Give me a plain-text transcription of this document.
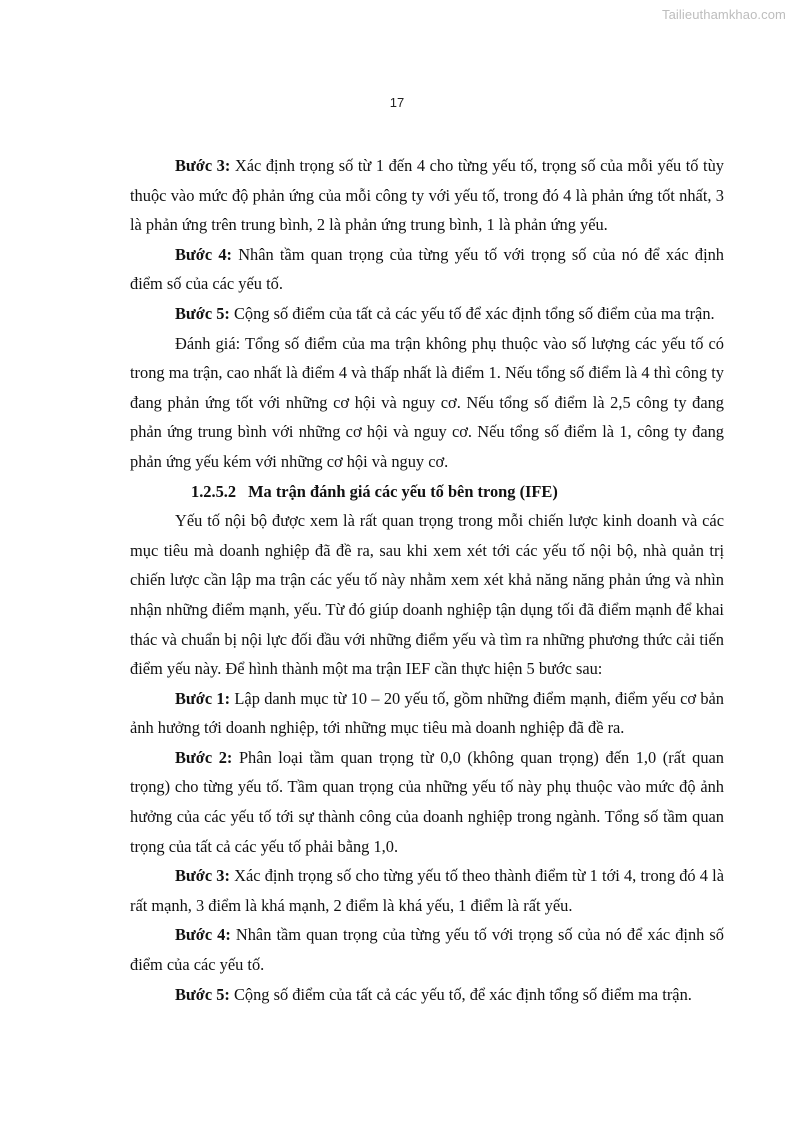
Tailieuthamkhao.com
17

Bước 3: Xác định trọng số từ 1 đến 4 cho từng yếu tố, trọng số của mỗi yếu tố tùy thuộc vào mức độ phản ứng của mỗi công ty với yếu tố, trong đó 4 là phản ứng tốt nhất, 3 là phản ứng trên trung bình, 2 là phản ứng trung bình, 1 là phản ứng yếu.

Bước 4: Nhân tầm quan trọng của từng yếu tố với trọng số của nó để xác định điểm số của các yếu tố.

Bước 5: Cộng số điểm của tất cả các yếu tố để xác định tổng số điểm của ma trận.

Đánh giá: Tổng số điểm của ma trận không phụ thuộc vào số lượng các yếu tố có trong ma trận, cao nhất là điểm 4 và thấp nhất là điểm 1. Nếu tổng số điểm là 4 thì công ty đang phản ứng tốt với những cơ hội và nguy cơ. Nếu tổng số điểm là 2,5 công ty đang phản ứng trung bình với những cơ hội và nguy cơ. Nếu tổng số điểm là 1, công ty đang phản ứng yếu kém với những cơ hội và nguy cơ.

1.2.5.2 Ma trận đánh giá các yếu tố bên trong (IFE)

Yếu tố nội bộ được xem là rất quan trọng trong mỗi chiến lược kinh doanh và các mục tiêu mà doanh nghiệp đã đề ra, sau khi xem xét tới các yếu tố nội bộ, nhà quản trị chiến lược cần lập ma trận các yếu tố này nhằm xem xét khả năng năng phản ứng và nhìn nhận những điểm mạnh, yếu. Từ đó giúp doanh nghiệp tận dụng tối đã điểm mạnh để khai thác và chuẩn bị nội lực đối đầu với những điểm yếu và tìm ra những phương thức cải tiến điểm yếu này. Để hình thành một ma trận IEF cần thực hiện 5 bước sau:

Bước 1: Lập danh mục từ 10 – 20 yếu tố, gồm những điểm mạnh, điểm yếu cơ bản ảnh hưởng tới doanh nghiệp, tới những mục tiêu mà doanh nghiệp đã đề ra.

Bước 2: Phân loại tầm quan trọng từ 0,0 (không quan trọng) đến 1,0 (rất quan trọng) cho từng yếu tố. Tầm quan trọng của những yếu tố này phụ thuộc vào mức độ ảnh hưởng của các yếu tố tới sự thành công của doanh nghiệp trong ngành. Tổng số tầm quan trọng của tất cả các yếu tố phải bằng 1,0.

Bước 3: Xác định trọng số cho từng yếu tố theo thành điểm từ 1 tới 4, trong đó 4 là rất mạnh, 3 điểm là khá mạnh, 2 điểm là khá yếu, 1 điểm là rất yếu.

Bước 4: Nhân tầm quan trọng của từng yếu tố với trọng số của nó để xác định số điểm của các yếu tố.

Bước 5: Cộng số điểm của tất cả các yếu tố, để xác định tổng số điểm ma trận.
